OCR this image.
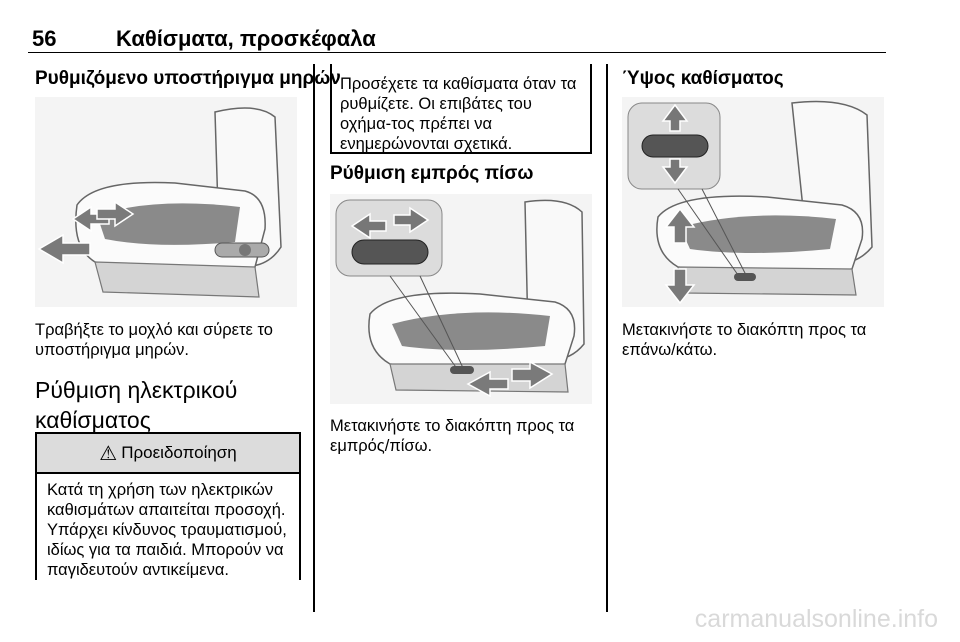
56	Καθίσματα, προσκέφαλα
Ρυθμιζόμενο υποστήριγμα μηρών
Τραβήξτε το μοχλό και σύρετε το υποστήριγμα μηρών.
Ρύθμιση ηλεκτρικού καθίσματος
⚠ Προειδοποίηση
Κατά τη χρήση των ηλεκτρικών καθισμάτων απαιτείται προσοχή. Υπάρχει κίνδυνος τραυματισμού, ιδίως για τα παιδιά. Μπορούν να παγιδευτούν αντικείμενα.
Προσέχετε τα καθίσματα όταν τα ρυθμίζετε. Οι επιβάτες του οχήμα-τος πρέπει να ενημερώνονται σχετικά.
Ρύθμιση εμπρός πίσω
Μετακινήστε το διακόπτη προς τα εμπρός/πίσω.
Ύψος καθίσματος
Μετακινήστε το διακόπτη προς τα επάνω/κάτω.
carmanualsonline.info
